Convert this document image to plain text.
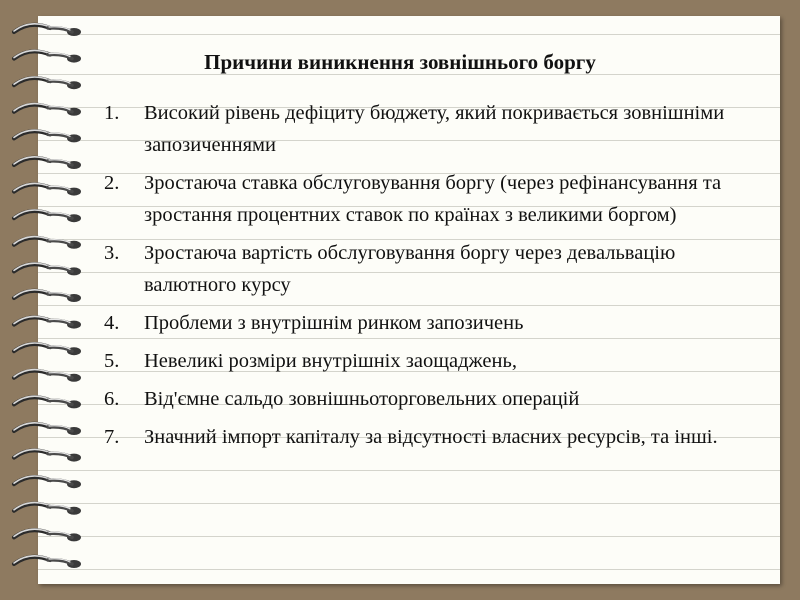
Причини виникнення зовнішнього боргу
1.	Високий рівень дефіциту бюджету, який покривається зовнішніми запозиченнями
2.	Зростаюча ставка обслуговування боргу (через рефінансування та зростання процентних ставок по країнах з великими боргом)
3.	Зростаюча вартість обслуговування боргу через девальвацію валютного курсу
4.	Проблеми з внутрішнім ринком запозичень
5.	Невеликі розміри внутрішніх заощаджень,
6.	Від'ємне сальдо зовнішньоторговельних операцій
7.	Значний імпорт капіталу за відсутності власних ресурсів, та інші.
